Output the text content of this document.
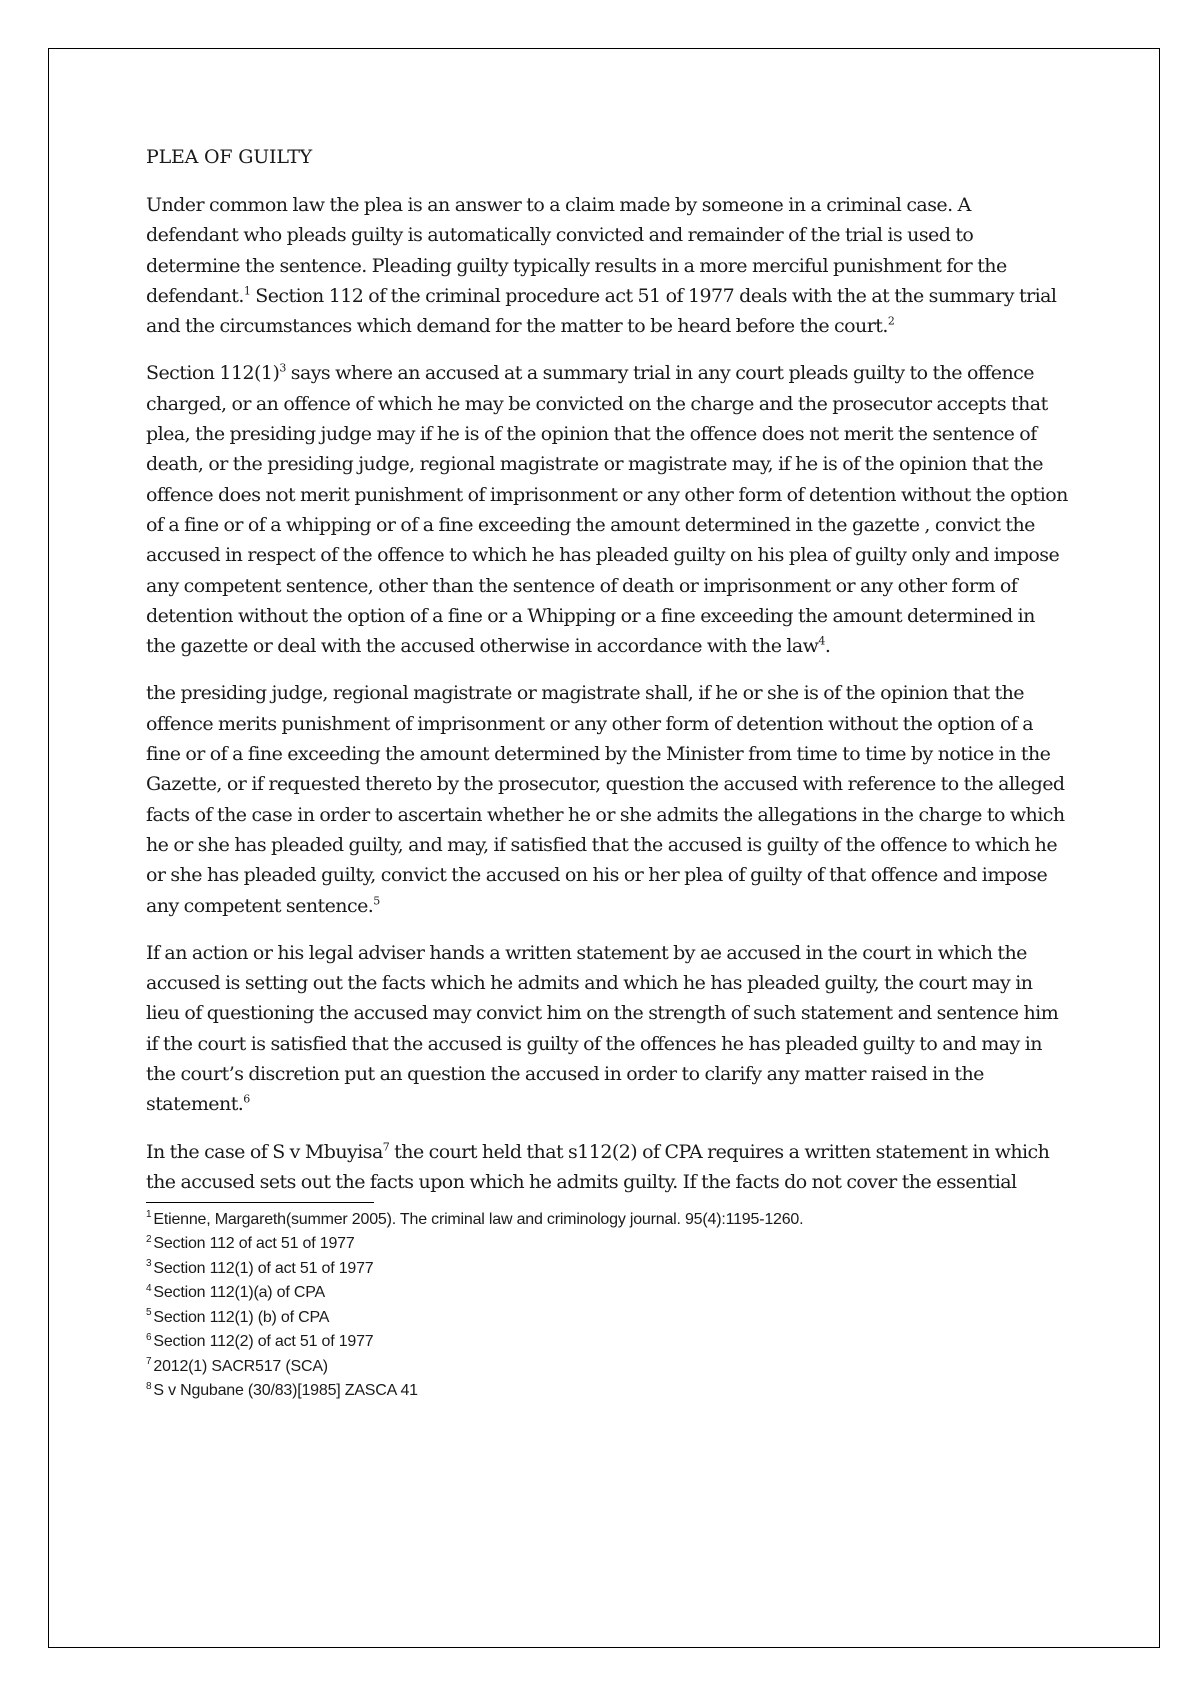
PLEA OF GUILTY

Under common law the plea is an answer to a claim made by someone in a criminal case. A defendant who pleads guilty is automatically convicted and remainder of the trial is used to determine the sentence. Pleading guilty typically results in a more merciful punishment for the defendant.$^1$ Section 112 of the criminal procedure act 51 of 1977 deals with the at the summary trial and the circumstances which demand for the matter to be heard before the court.$^2$

Section $112(1)^3$ says where an accused at a summary trial in any court pleads guilty to the offence charged, or an offence of which he may be convicted on the charge and the prosecutor accepts that plea, the presiding judge may if he is of the opinion that the offence does not merit the sentence of death, or the presiding judge, regional magistrate or magistrate may, if he is of the opinion that the offence does not merit punishment of imprisonment or any other form of detention without the option of a fine or of a whipping or of a fine exceeding the amount determined in the gazette , convict the accused in respect of the offence to which he has pleaded guilty on his plea of guilty only and impose any competent sentence, other than the sentence of death or imprisonment or any other form of detention without the option of a fine or a Whipping or a fine exceeding the amount determined in the gazette or deal with the accused otherwise in accordance with the law$^4$.

the presiding judge, regional magistrate or magistrate shall, if he or she is of the opinion that the offence merits punishment of imprisonment or any other form of detention without the option of a fine or of a fine exceeding the amount determined by the Minister from time to time by notice in the Gazette, or if requested thereto by the prosecutor, question the accused with reference to the alleged facts of the case in order to ascertain whether he or she admits the allegations in the charge to which he or she has pleaded guilty, and may, if satisfied that the accused is guilty of the offence to which he or she has pleaded guilty, convict the accused on his or her plea of guilty of that offence and impose any competent sentence.$^5$

If an action or his legal adviser hands a written statement by ae accused in the court in which the accused is setting out the facts which he admits and which he has pleaded guilty, the court may in lieu of questioning the accused may convict him on the strength of such statement and sentence him if the court is satisfied that the accused is guilty of the offences he has pleaded guilty to and may in the court’s discretion put an question the accused in order to clarify any matter raised in the statement.$^6$

In the case of S v Mbuyisa$^7$ the court held that s112(2) of CPA requires a written statement in which the accused sets out the facts upon which he admits guilty. If the facts do not cover the essential

$^1$ Etienne, Margareth(summer 2005). The criminal law and criminology journal. 95(4):1195-1260.
$^2$ Section 112 of act 51 of 1977
$^3$ Section 112(1) of act 51 of 1977
$^4$ Section 112(1)(a) of CPA
$^5$ Section 112(1) (b) of CPA
$^6$ Section 112(2) of act 51 of 1977
$^7$ 2012(1) SACR517 (SCA)
$^8$ S v Ngubane (30/83)[1985] ZASCA 41
